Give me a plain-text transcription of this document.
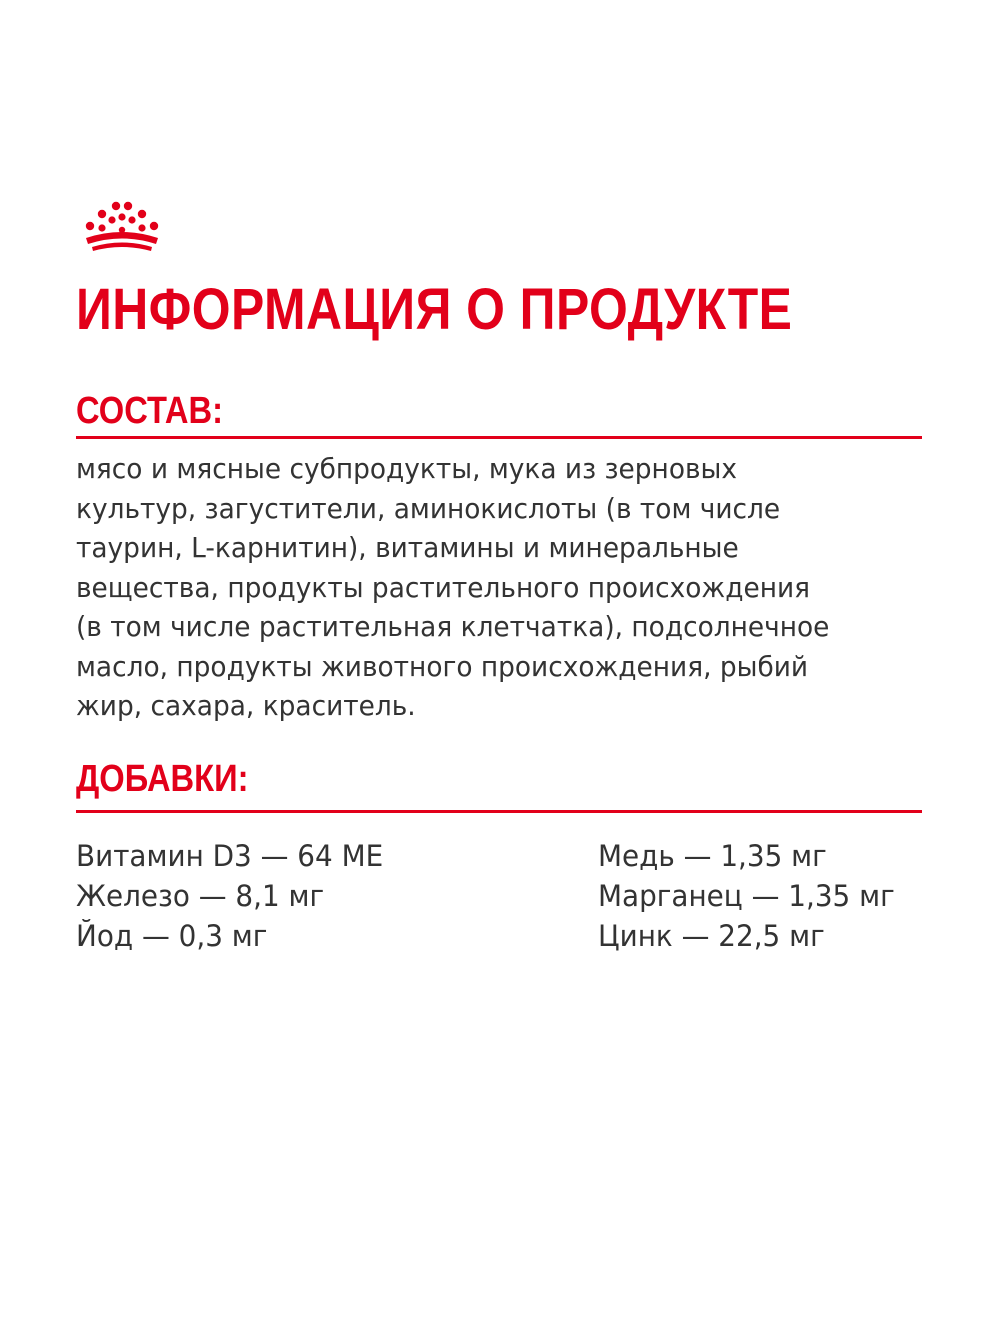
ИНФОРМАЦИЯ О ПРОДУКТЕ
СОСТАВ:

мясо и мясные субпродукты, мука из зерновых
культур, загустители, аминокислоты (в том числе
таурин, L-карнитин), витамины и минеральные
вещества, продукты растительного происхождения
(в том числе растительная клетчатка), подсолнечное
масло, продукты животного происхождения, рыбий
жир, сахара, краситель.

ДОБАВКИ:
Витамин D3 — 64 МЕ
Железо — 8,1 мг
Йод — 0,3 мг
Медь — 1,35 мг
Марганец — 1,35 мг
Цинк — 22,5 мг
